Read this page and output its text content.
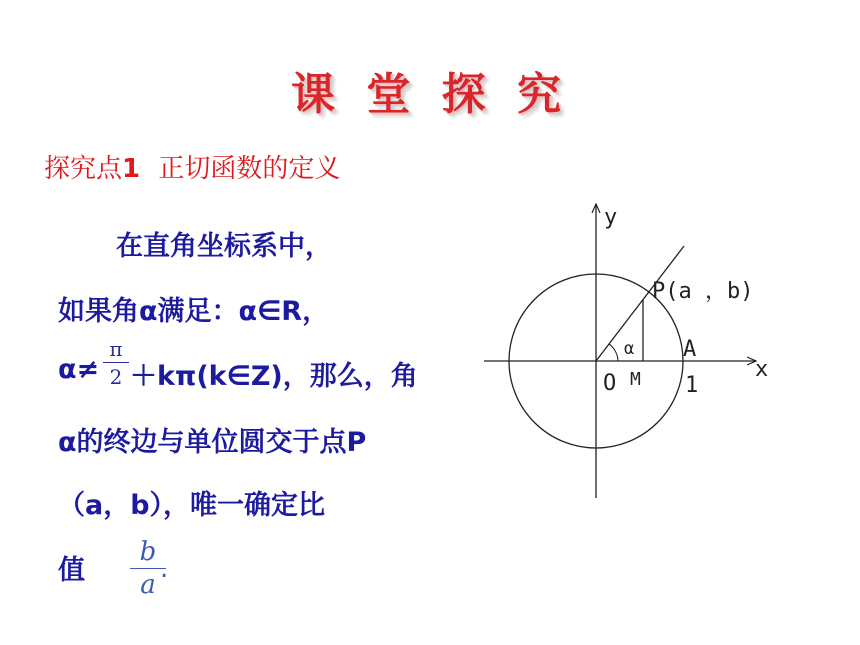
课 堂 探 究
探究点1 正切函数的定义
在直角坐标系中，
如果角α满足：α∈R，
α≠ ＋kπ(k∈Z)，那么，角
α的终边与单位圆交于点P
（a，b），唯一确定比
值
π
2
b
a
.
y
x
O M
α A
1
P(a ，b)
